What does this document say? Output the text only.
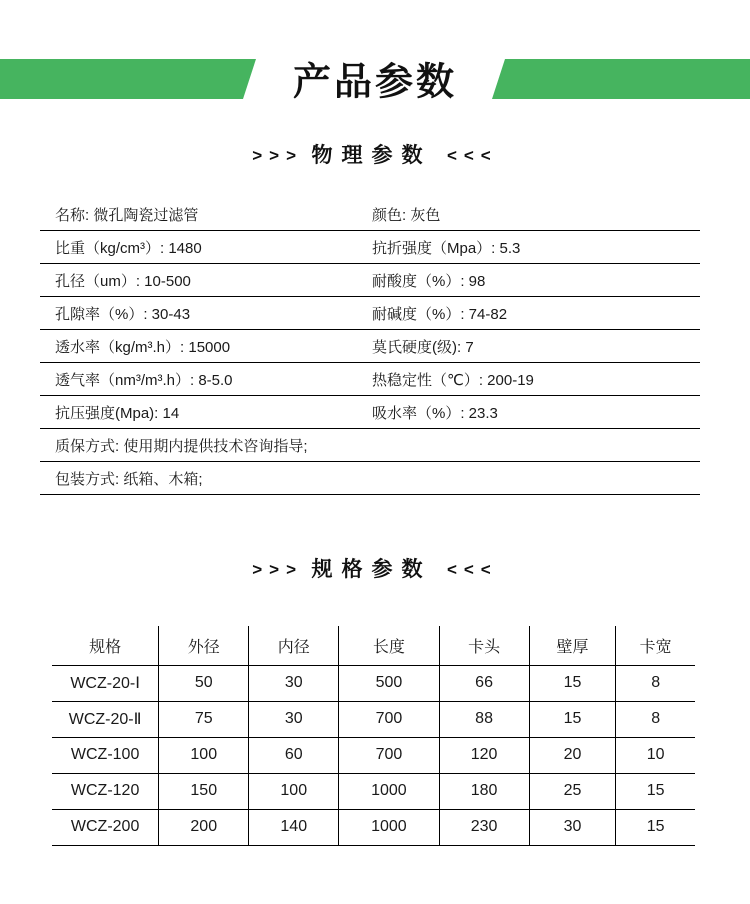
产品参数
>>> 物理参数 <<<
名称: 微孔陶瓷过滤管	颜色: 灰色
比重（kg/cm³）: 1480	抗折强度（Mpa）: 5.3
孔径（um）: 10-500	耐酸度（%）: 98
孔隙率（%）: 30-43	耐碱度（%）: 74-82
透水率（kg/m³.h）: 15000	莫氏硬度(级): 7
透气率（nm³/m³.h）: 8-5.0	热稳定性（℃）: 200-19
抗压强度(Mpa): 14	吸水率（%）: 23.3
质保方式: 使用期内提供技术咨询指导;
包装方式: 纸箱、木箱;
>>> 规格参数 <<<
规格	外径	内径	长度	卡头	壁厚	卡宽
WCZ-20-Ⅰ	50	30	500	66	15	8
WCZ-20-Ⅱ	75	30	700	88	15	8
WCZ-100	100	60	700	120	20	10
WCZ-120	150	100	1000	180	25	15
WCZ-200	200	140	1000	230	30	15
